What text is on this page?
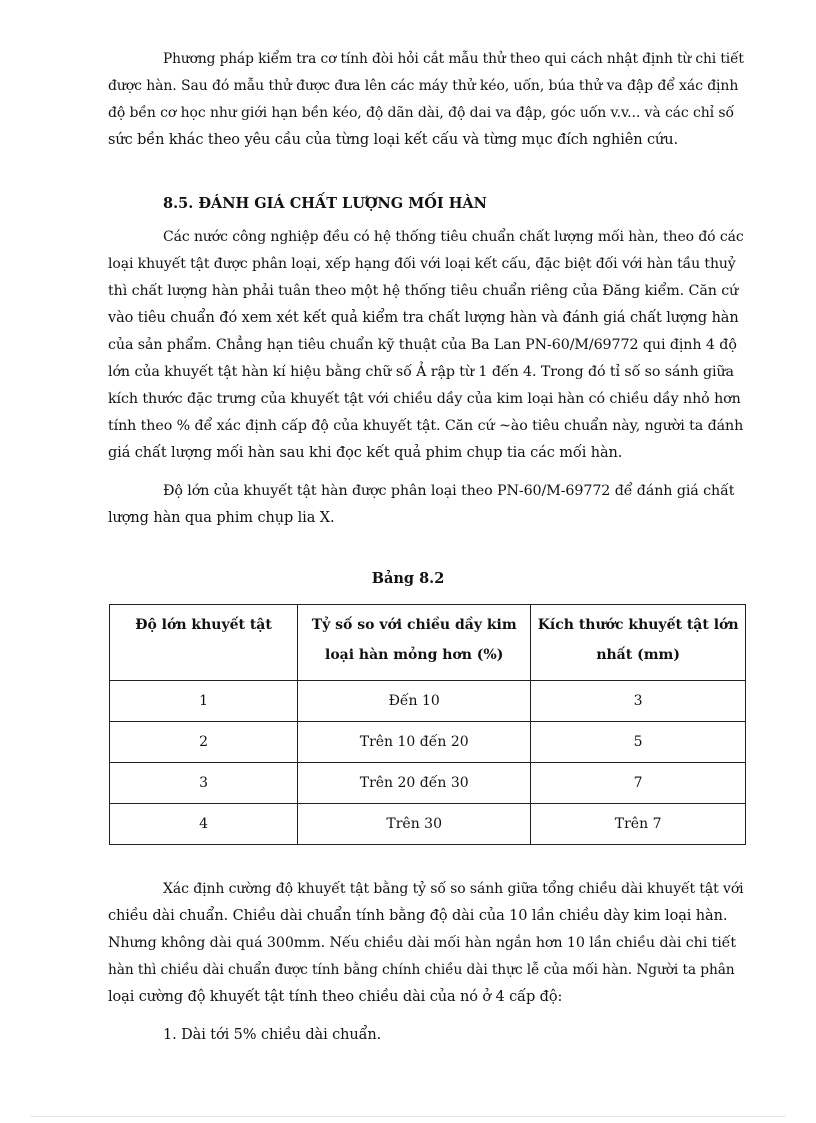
Phương pháp kiểm tra cơ tính đòi hỏi cắt mẫu thử theo qui cách nhật định từ chi tiết

được hàn. Sau đó mẫu thử được đưa lên các máy thử kéo, uốn, búa thử va đập để xác định

độ bền cơ học như giới hạn bền kéo, độ dãn dài, độ dai va đập, góc uốn v.v... và các chỉ số

sức bền khác theo yêu cầu của từng loại kết cấu và từng mục đích nghiên cứu.

8.5. ĐÁNH GIÁ CHẤT LƯỢNG MỐI HÀN

Các nước công nghiệp đều có hệ thống tiêu chuẩn chất lượng mối hàn, theo đó các

loại khuyết tật được phân loại, xếp hạng đối với loại kết cấu, đặc biệt đối với hàn tầu thuỷ

thì chất lượng hàn phải tuân theo một hệ thống tiêu chuẩn riêng của Đăng kiểm. Căn cứ

vào tiêu chuẩn đó xem xét kết quả kiểm tra chất lượng hàn và đánh giá chất lượng hàn

của sản phẩm. Chẳng hạn tiêu chuẩn kỹ thuật của Ba Lan PN-60/M/69772 qui định 4 độ

lớn của khuyết tật hàn kí hiệu bằng chữ số Ả rập từ 1 đến 4. Trong đó tỉ số so sánh giữa

kích thước đặc trưng của khuyết tật với chiều dầy của kim loại hàn có chiều dầy nhỏ hơn

tính theo % để xác định cấp độ của khuyết tật. Căn cứ ~ào tiêu chuẩn này, người ta đánh

giá chất lượng mối hàn sau khi đọc kết quả phim chụp tia các mối hàn.

Độ lớn của khuyết tật hàn được phân loại theo PN-60/M-69772 để đánh giá chất

lượng hàn qua phim chụp lia X.

Bảng 8.2

Độ lớn khuyết tật	Tỷ số so với chiều dầy kim loại hàn mỏng hơn (%)	Kích thước khuyết tật lớn nhất (mm)
1	Đến 10	3
2	Trên 10 đến 20	5
3	Trên 20 đến 30	7
4	Trên 30	Trên 7

Xác định cường độ khuyết tật bằng tỷ số so sánh giữa tổng chiều dài khuyết tật với

chiều dài chuẩn. Chiều dài chuẩn tính bằng độ dài của 10 lần chiều dày kim loại hàn.

Nhưng không dài quá 300mm. Nếu chiều dài mối hàn ngắn hơn 10 lần chiều dài chi tiết

hàn thì chiều dài chuẩn được tính bằng chính chiều dài thực lễ của mối hàn. Người ta phân

loại cường độ khuyết tật tính theo chiều dài của nó ở 4 cấp độ:

1. Dài tới 5% chiều dài chuẩn.
